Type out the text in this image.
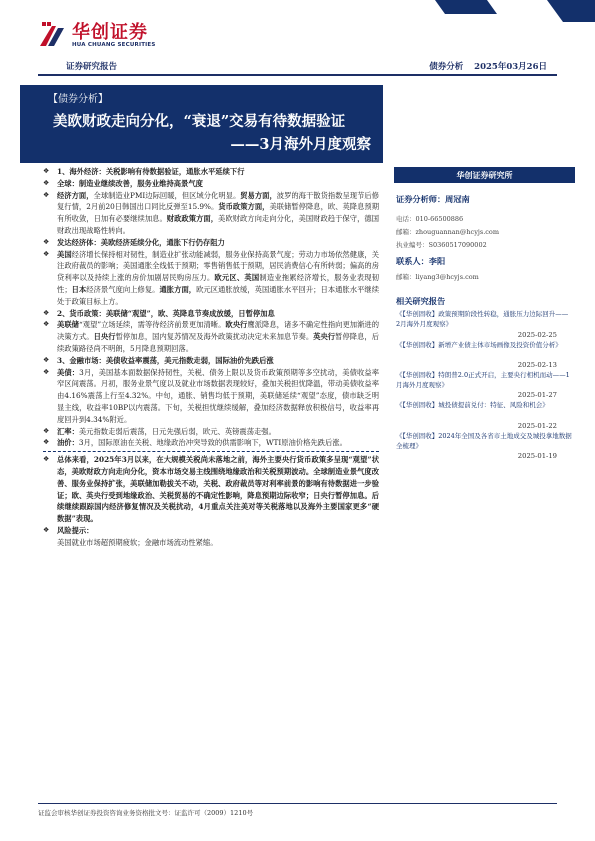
华创证券
HUA CHUANG SECURITIES
证券研究报告	债券分析 2025年03月26日
【债券分析】
美欧财政走向分化，“衰退”交易有待数据验证
——3月海外月度观察
❖	1、海外经济：关税影响有待数据验证，通胀水平延续下行
❖	全球：制造业继续改善，服务业维持高景气度
❖	经济方面，全球制造业PMI边际回暖，但区域分化明显。贸易方面，波罗的海干散货指数呈现节后修复行情，2月前20日韩国出口同比反弹至15.9%。货币政策方面，美联储暂停降息，欧、英降息预期有所收敛，日加有必要继续加息。财政政策方面，美欧财政方向走向分化，美国财政趋于保守，德国财政出现战略性转向。
❖	发达经济体：美欧经济延续分化，通胀下行仍存阻力
❖	美国经济增长保持相对韧性，制造业扩张动能减弱，服务业保持高景气度；劳动力市场依然健康，关注政府裁员的影响；美国通胀全线低于预期；零售销售低于预期，居民消费信心有所转弱；偏高的房贷利率以及持续上涨的房价加剧居民购房压力。欧元区、英国制造业拖累经济增长，服务业表现韧性；日本经济景气度向上修复。通胀方面，欧元区通胀放缓，英国通胀水平回升；日本通胀水平继续处于政策目标上方。
❖	2、货币政策：美联储“观望”，欧、英降息节奏成放缓，日暂停加息
❖	美联储“观望”立场延续，需等待经济前景更加清晰。欧央行鹰派降息，诸多不确定性指向更加渐进的决策方式。日央行暂停加息，国内复苏情况及海外政策扰动决定未来加息节奏。英央行暂停降息，后续政策路径尚不明朗，5月降息预期回落。
❖	3、金融市场：美债收益率震荡，美元指数走弱，国际油价先跌后涨
❖	美债：3月，美国基本面数据保持韧性，关税、债务上限以及货币政策预期等多空扰动，美债收益率窄区间震荡。月初，服务业景气度以及就业市场数据表现较好，叠加关税担忧降温，带动美债收益率由4.16%震荡上行至4.32%。中旬，通胀、销售均低于预期，美联储延续“观望”态度，债市缺乏明显主线，收益率10BP以内震荡。下旬，关税担忧继续缓解，叠加经济数据释放积极信号，收益率再度回升到4.34%附近。
❖	汇率：美元指数走弱后震荡，日元先强后弱，欧元、英镑震荡走强。
❖	油价：3月，国际原油在关税、地缘政治冲突导致的供需影响下，WTI原油价格先跌后涨。
❖	总体来看，2025年3月以来，在大规模关税尚未落地之前，海外主要央行货币政策多呈现“观望”状态，美欧财政方向走向分化，资本市场交易主线围绕地缘政治和关税预期波动。全球制造业景气度改善、服务业保持扩张，美联储加勒拔关不动，关税、政府裁员等对利率前景的影响有待数据进一步验证；欧、英央行受到地缘政治、关税贸易的不确定性影响，降息预期边际收窄；日央行暂停加息。后续继续跟踪国内经济修复情况及关税扰动，4月重点关注美对等关税落地以及海外主要国家更多“硬数据”表现。
❖	风险提示：
美国就业市场超预期疲软；金融市场流动性紧缩。
华创证券研究所
证券分析师：周冠南
电话：010-66500886
邮箱：zhouguannan@hcyjs.com
执业编号：S0360517090002
联系人：李阳
邮箱：liyang3@hcyjs.com
相关研究报告
《【华创固收】政策预期阶段性转稳，通胀压力边际回升——2月海外月度观察》
2025-02-25
《【华创固收】新增产业债主体市场画像及投资价值分析》
2025-02-13
《【华创固收】特朗普2.0正式开启，主要央行相机而动——1月海外月度观察》
2025-01-27
《【华创固收】城投债提前兑付：特征、风险和机会》
2025-01-22
《【华创固收】2024年全国及各省市土地成交及城投拿地数据全梳理》
2025-01-19
证监会审核华创证券投资咨询业务资格批文号：证监许可（2009）1210号
